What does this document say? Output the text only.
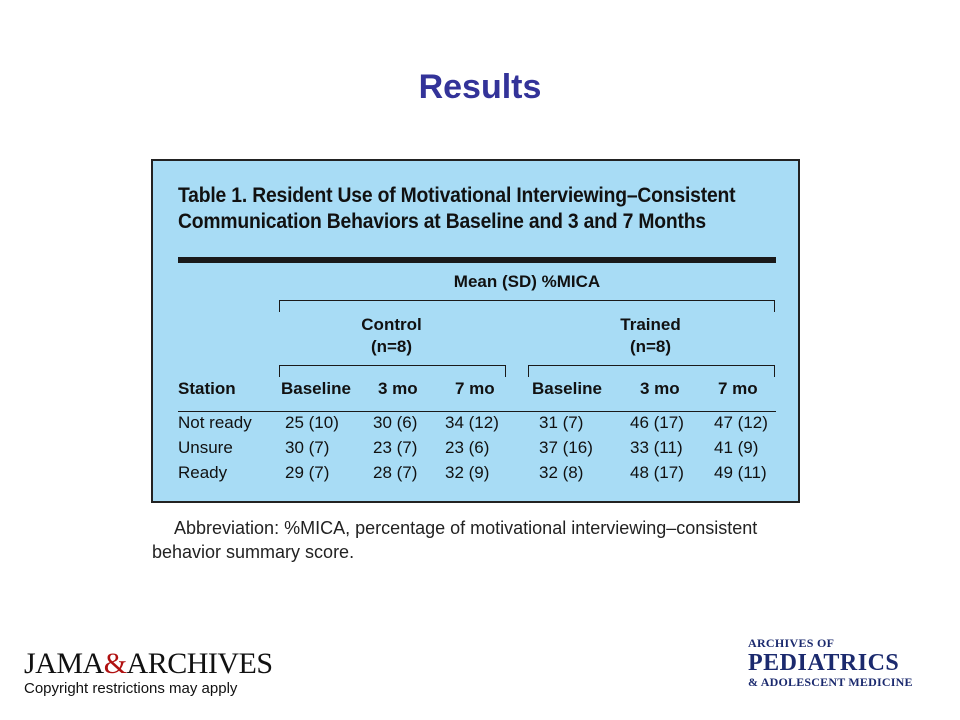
Results
Table 1. Resident Use of Motivational Interviewing–Consistent
Communication Behaviors at Baseline and 3 and 7 Months
Mean (SD) %MICA
Control
(n=8)
Trained
(n=8)
Station	Baseline 3 mo 7 mo Baseline 3 mo 7 mo
Not ready 25 (10) 30 (6) 34 (12) 31 (7)	46 (17) 47 (12)
Unsure	30 (7)	23 (7) 23 (6)	37 (16) 33 (11) 41 (9)
Ready	29 (7)	28 (7) 32 (9)	32 (8)	48 (17) 49 (11)
Abbreviation: %MICA, percentage of motivational interviewing–consistent behavior summary score.
JAMA&ARCHIVES
Copyright restrictions may apply
ARCHIVES OF
PEDIATRICS
& ADOLESCENT MEDICINE
